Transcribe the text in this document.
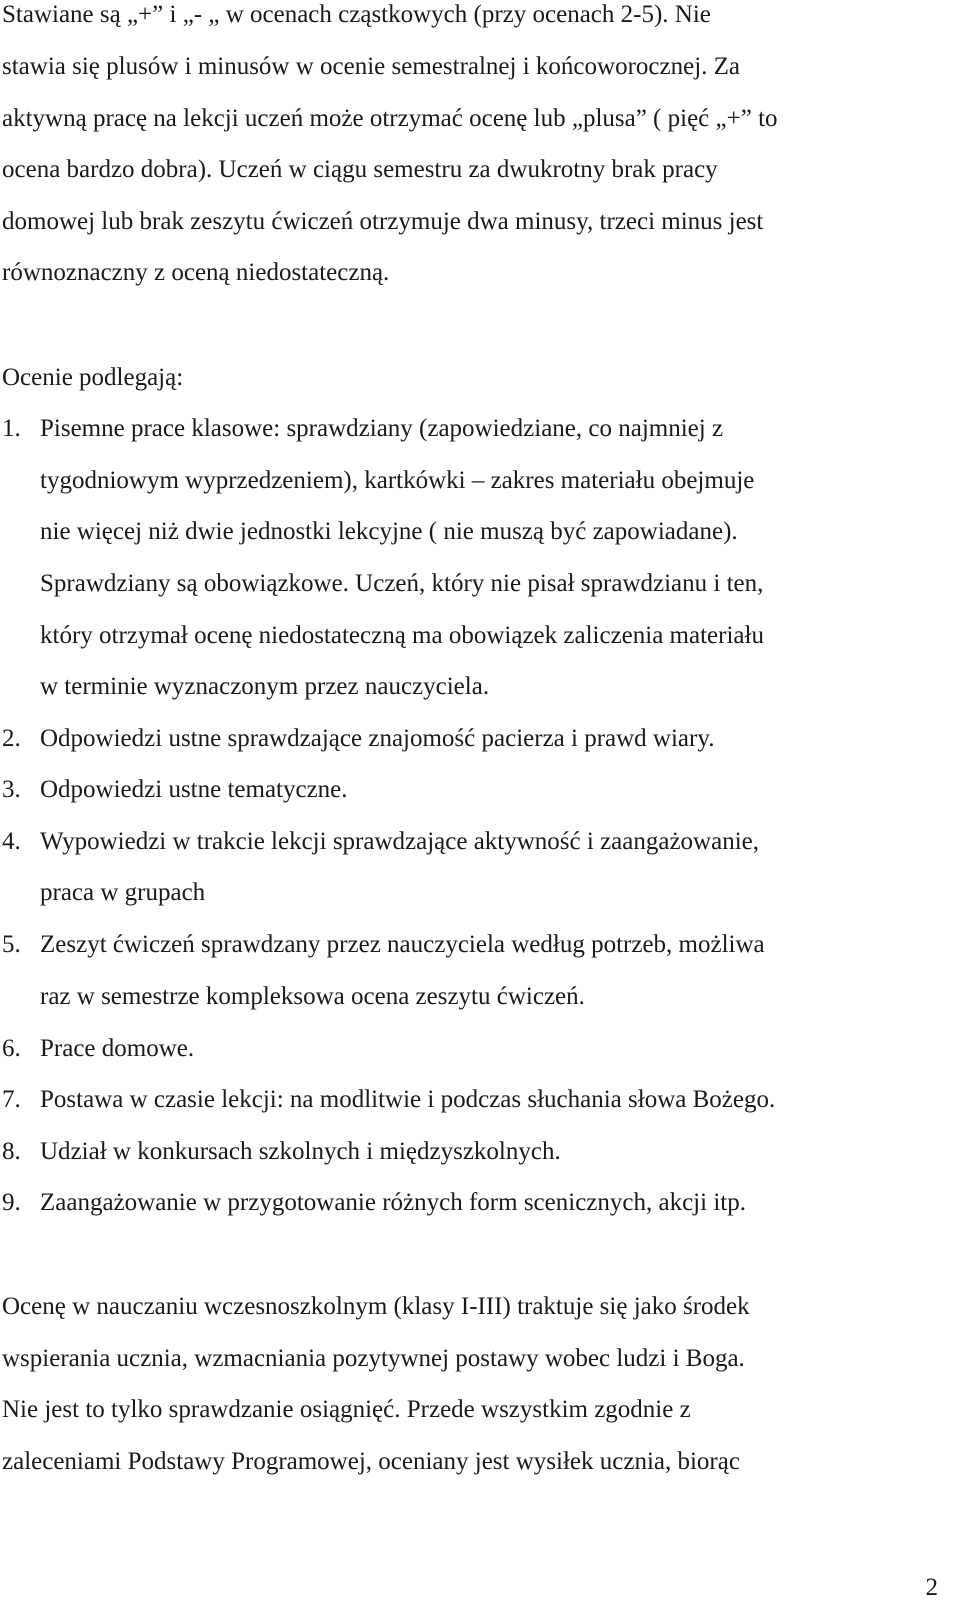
Stawiane są „+” i „- „ w ocenach cząstkowych (przy ocenach 2-5). Nie
stawia się plusów i minusów w ocenie semestralnej i końcoworocznej. Za
aktywną pracę na lekcji uczeń może otrzymać ocenę lub „plusa” ( pięć „+” to
ocena bardzo dobra). Uczeń w ciągu semestru za dwukrotny brak pracy
domowej lub brak zeszytu ćwiczeń otrzymuje dwa minusy, trzeci minus jest
równoznaczny z oceną niedostateczną.
Ocenie podlegają:
1. Pisemne prace klasowe: sprawdziany (zapowiedziane, co najmniej z
tygodniowym wyprzedzeniem), kartkówki – zakres materiału obejmuje
nie więcej niż dwie jednostki lekcyjne ( nie muszą być zapowiadane).
Sprawdziany są obowiązkowe. Uczeń, który nie pisał sprawdzianu i ten,
który otrzymał ocenę niedostateczną ma obowiązek zaliczenia materiału
w terminie wyznaczonym przez nauczyciela.
2. Odpowiedzi ustne sprawdzające znajomość pacierza i prawd wiary.
3. Odpowiedzi ustne tematyczne.
4. Wypowiedzi w trakcie lekcji sprawdzające aktywność i zaangażowanie,
praca w grupach
5. Zeszyt ćwiczeń sprawdzany przez nauczyciela według potrzeb, możliwa
raz w semestrze kompleksowa ocena zeszytu ćwiczeń.
6. Prace domowe.
7. Postawa w czasie lekcji: na modlitwie i podczas słuchania słowa Bożego.
8. Udział w konkursach szkolnych i międzyszkolnych.
9. Zaangażowanie w przygotowanie różnych form scenicznych, akcji itp.
Ocenę w nauczaniu wczesnoszkolnym (klasy I-III) traktuje się jako środek
wspierania ucznia, wzmacniania pozytywnej postawy wobec ludzi i Boga.
Nie jest to tylko sprawdzanie osiągnięć. Przede wszystkim zgodnie z
zaleceniami Podstawy Programowej, oceniany jest wysiłek ucznia, biorąc
2
